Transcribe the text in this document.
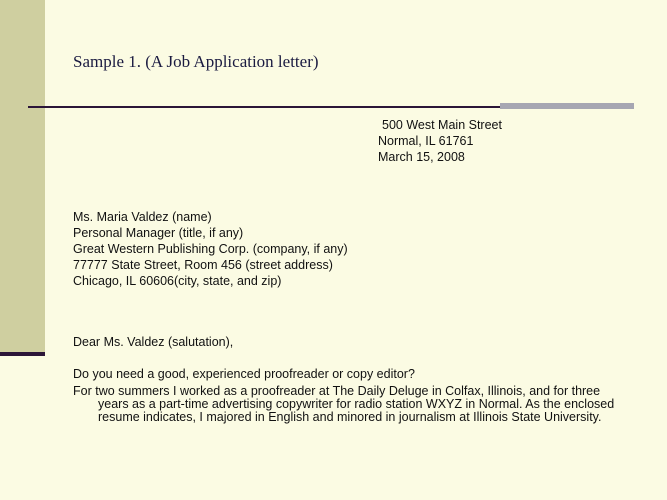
Sample 1. (A Job Application letter)
500 West Main Street
Normal, IL 61761
March 15, 2008
Ms. Maria Valdez (name)
Personal Manager (title, if any)
Great Western Publishing Corp. (company, if any)
77777 State Street, Room 456 (street address)
Chicago, IL 60606(city, state, and zip)
Dear Ms. Valdez (salutation),

Do you need a good, experienced proofreader or copy editor?

For two summers I worked as a proofreader at The Daily Deluge in Colfax, Illinois, and for three years as a part-time advertising copywriter for radio station WXYZ in Normal. As the enclosed resume indicates, I majored in English and minored in journalism at Illinois State University.
